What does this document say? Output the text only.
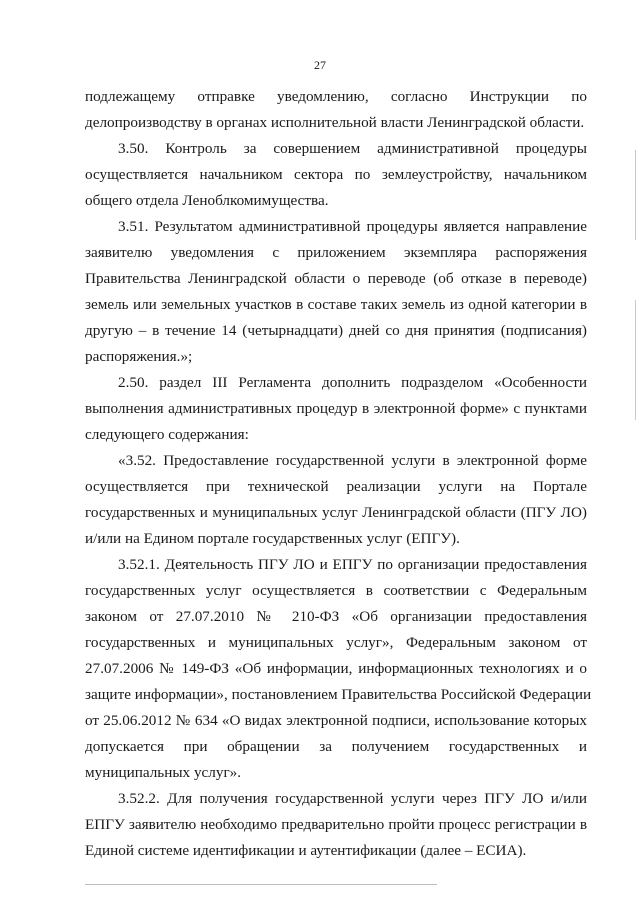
27
подлежащему отправке уведомлению, согласно Инструкции по
делопроизводству в органах исполнительной власти Ленинградской области.
3.50. Контроль за совершением административной процедуры
осуществляется начальником сектора по землеустройству, начальником
общего отдела Леноблкомимущества.
3.51. Результатом административной процедуры является направление
заявителю уведомления с приложением экземпляра распоряжения
Правительства Ленинградской области о переводе (об отказе в переводе)
земель или земельных участков в составе таких земель из одной категории в
другую – в течение 14 (четырнадцати) дней со дня принятия (подписания)
распоряжения.»;
2.50. раздел III Регламента дополнить подразделом «Особенности
выполнения административных процедур в электронной форме» с пунктами
следующего содержания:
«3.52. Предоставление государственной услуги в электронной форме
осуществляется при технической реализации услуги на Портале
государственных и муниципальных услуг Ленинградской области (ПГУ ЛО)
и/или на Едином портале государственных услуг (ЕПГУ).
3.52.1. Деятельность ПГУ ЛО и ЕПГУ по организации предоставления
государственных услуг осуществляется в соответствии с Федеральным
законом от 27.07.2010 № 210-ФЗ «Об организации предоставления
государственных и муниципальных услуг», Федеральным законом от
27.07.2006 № 149-ФЗ «Об информации, информационных технологиях и о
защите информации», постановлением Правительства Российской Федерации
от 25.06.2012 № 634 «О видах электронной подписи, использование которых
допускается при обращении за получением государственных и
муниципальных услуг».
3.52.2. Для получения государственной услуги через ПГУ ЛО и/или
ЕПГУ заявителю необходимо предварительно пройти процесс регистрации в
Единой системе идентификации и аутентификации (далее – ЕСИА).
